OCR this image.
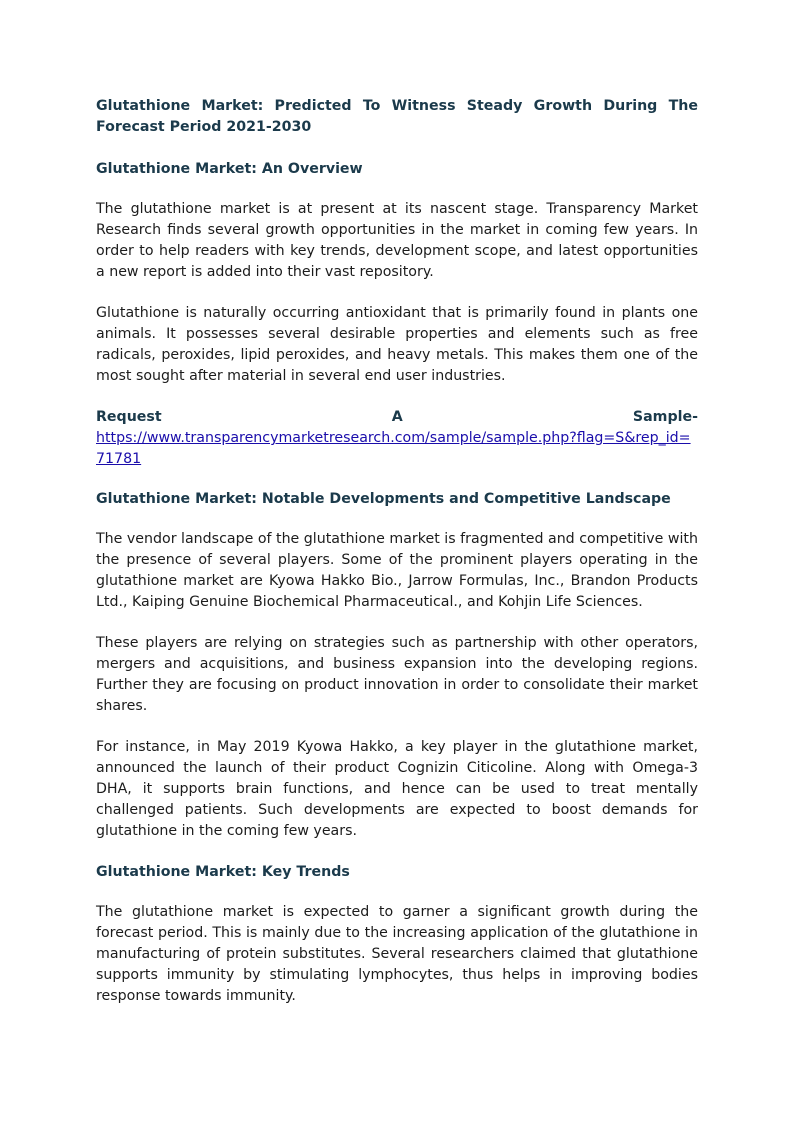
Glutathione Market: Predicted To Witness Steady Growth During The Forecast Period 2021-2030
Glutathione Market: An Overview

The glutathione market is at present at its nascent stage. Transparency Market Research finds several growth opportunities in the market in coming few years. In order to help readers with key trends, development scope, and latest opportunities a new report is added into their vast repository.

Glutathione is naturally occurring antioxidant that is primarily found in plants one animals. It possesses several desirable properties and elements such as free radicals, peroxides, lipid peroxides, and heavy metals. This makes them one of the most sought after material in several end user industries.

Request	A	Sample-
https://www.transparencymarketresearch.com/sample/sample.php?flag=S&rep_id=71781
Glutathione Market: Notable Developments and Competitive Landscape

The vendor landscape of the glutathione market is fragmented and competitive with the presence of several players. Some of the prominent players operating in the glutathione market are Kyowa Hakko Bio., Jarrow Formulas, Inc., Brandon Products Ltd., Kaiping Genuine Biochemical Pharmaceutical., and Kohjin Life Sciences.

These players are relying on strategies such as partnership with other operators, mergers and acquisitions, and business expansion into the developing regions. Further they are focusing on product innovation in order to consolidate their market shares.

For instance, in May 2019 Kyowa Hakko, a key player in the glutathione market, announced the launch of their product Cognizin Citicoline. Along with Omega-3 DHA, it supports brain functions, and hence can be used to treat mentally challenged patients. Such developments are expected to boost demands for glutathione in the coming few years.

Glutathione Market: Key Trends

The glutathione market is expected to garner a significant growth during the forecast period. This is mainly due to the increasing application of the glutathione in manufacturing of protein substitutes. Several researchers claimed that glutathione supports immunity by stimulating lymphocytes, thus helps in improving bodies response towards immunity.
